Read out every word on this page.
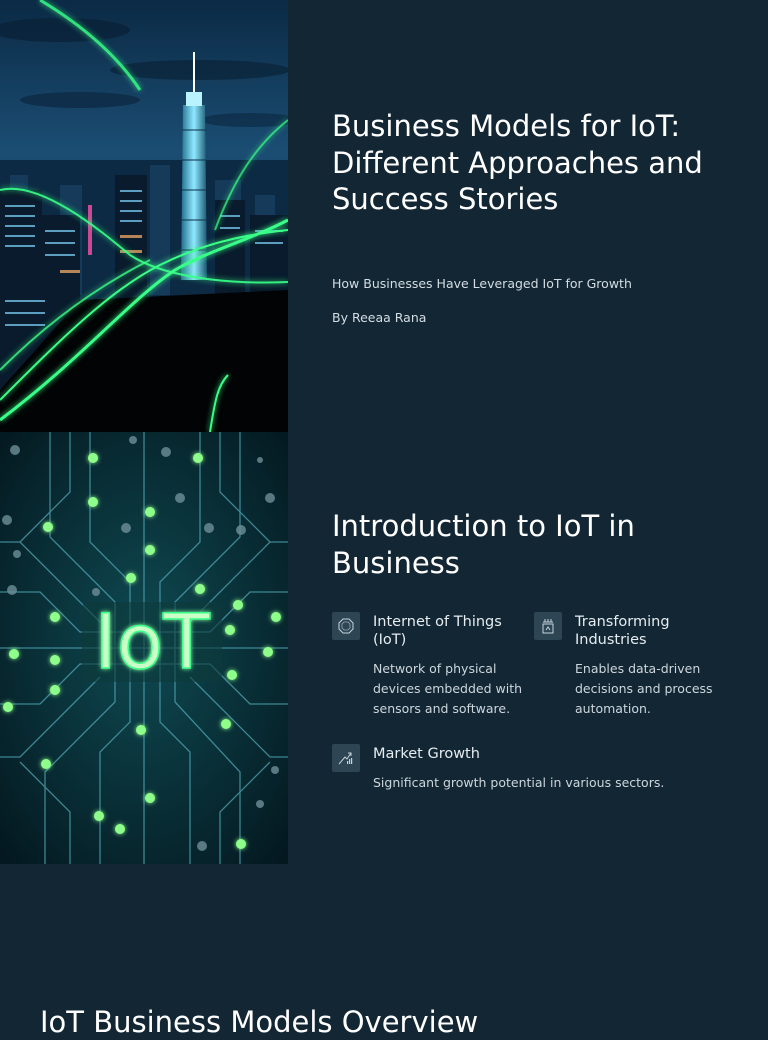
Business Models for IoT: Different Approaches and Success Stories

How Businesses Have Leveraged IoT for Growth

By Reeaa Rana

IoT
Introduction to IoT in Business
Internet of Things (IoT)

Network of physical devices embedded with sensors and software.

Transforming Industries

Enables data-driven decisions and process automation.

Market Growth

Significant growth potential in various sectors.

IoT Business Models Overview
